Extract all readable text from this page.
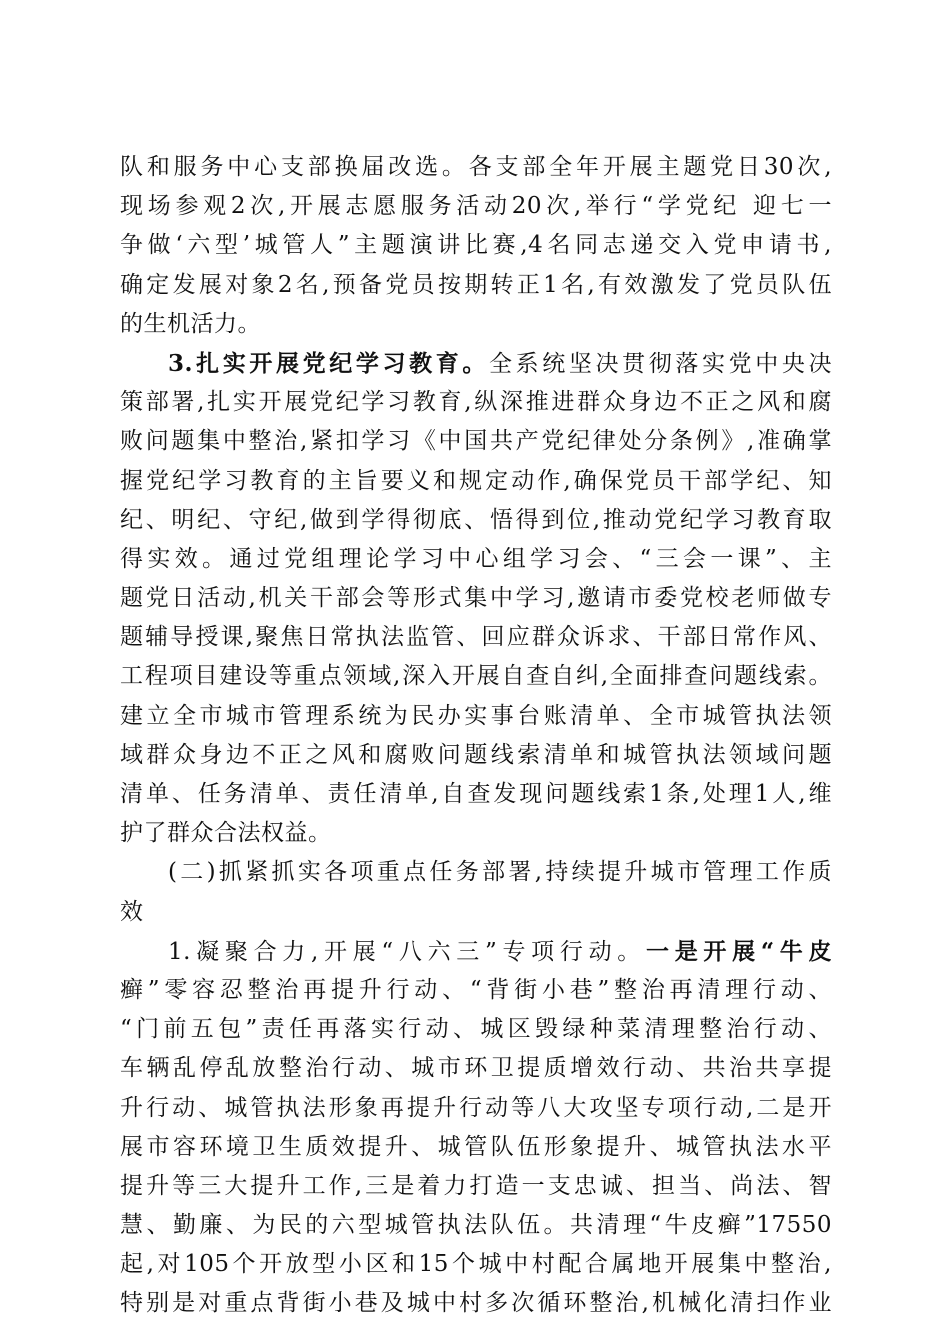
队和服务中心支部换届改选。各支部全年开展主题党日30次,
现场参观2次,开展志愿服务活动20次,举行“学党纪 迎七一
争做‘六型’城管人”主题演讲比赛,4名同志递交入党申请书,
确定发展对象2名,预备党员按期转正1名,有效激发了党员队伍
的生机活力。
3.扎实开展党纪学习教育。全系统坚决贯彻落实党中央决
策部署,扎实开展党纪学习教育,纵深推进群众身边不正之风和腐
败问题集中整治,紧扣学习《中国共产党纪律处分条例》,准确掌
握党纪学习教育的主旨要义和规定动作,确保党员干部学纪、知
纪、明纪、守纪,做到学得彻底、悟得到位,推动党纪学习教育取
得实效。通过党组理论学习中心组学习会、“三会一课”、主
题党日活动,机关干部会等形式集中学习,邀请市委党校老师做专
题辅导授课,聚焦日常执法监管、回应群众诉求、干部日常作风、
工程项目建设等重点领域,深入开展自查自纠,全面排查问题线索。
建立全市城市管理系统为民办实事台账清单、全市城管执法领
域群众身边不正之风和腐败问题线索清单和城管执法领域问题
清单、任务清单、责任清单,自查发现问题线索1条,处理1人,维
护了群众合法权益。
(二)抓紧抓实各项重点任务部署,持续提升城市管理工作质
效
1.凝聚合力,开展“八六三”专项行动。一是开展“牛皮
癣”零容忍整治再提升行动、“背街小巷”整治再清理行动、
“门前五包”责任再落实行动、城区毁绿种菜清理整治行动、
车辆乱停乱放整治行动、城市环卫提质增效行动、共治共享提
升行动、城管执法形象再提升行动等八大攻坚专项行动,二是开
展市容环境卫生质效提升、城管队伍形象提升、城管执法水平
提升等三大提升工作,三是着力打造一支忠诚、担当、尚法、智
慧、勤廉、为民的六型城管执法队伍。共清理“牛皮癣”17550
起,对105个开放型小区和15个城中村配合属地开展集中整治,
特别是对重点背街小巷及城中村多次循环整治,机械化清扫作业
